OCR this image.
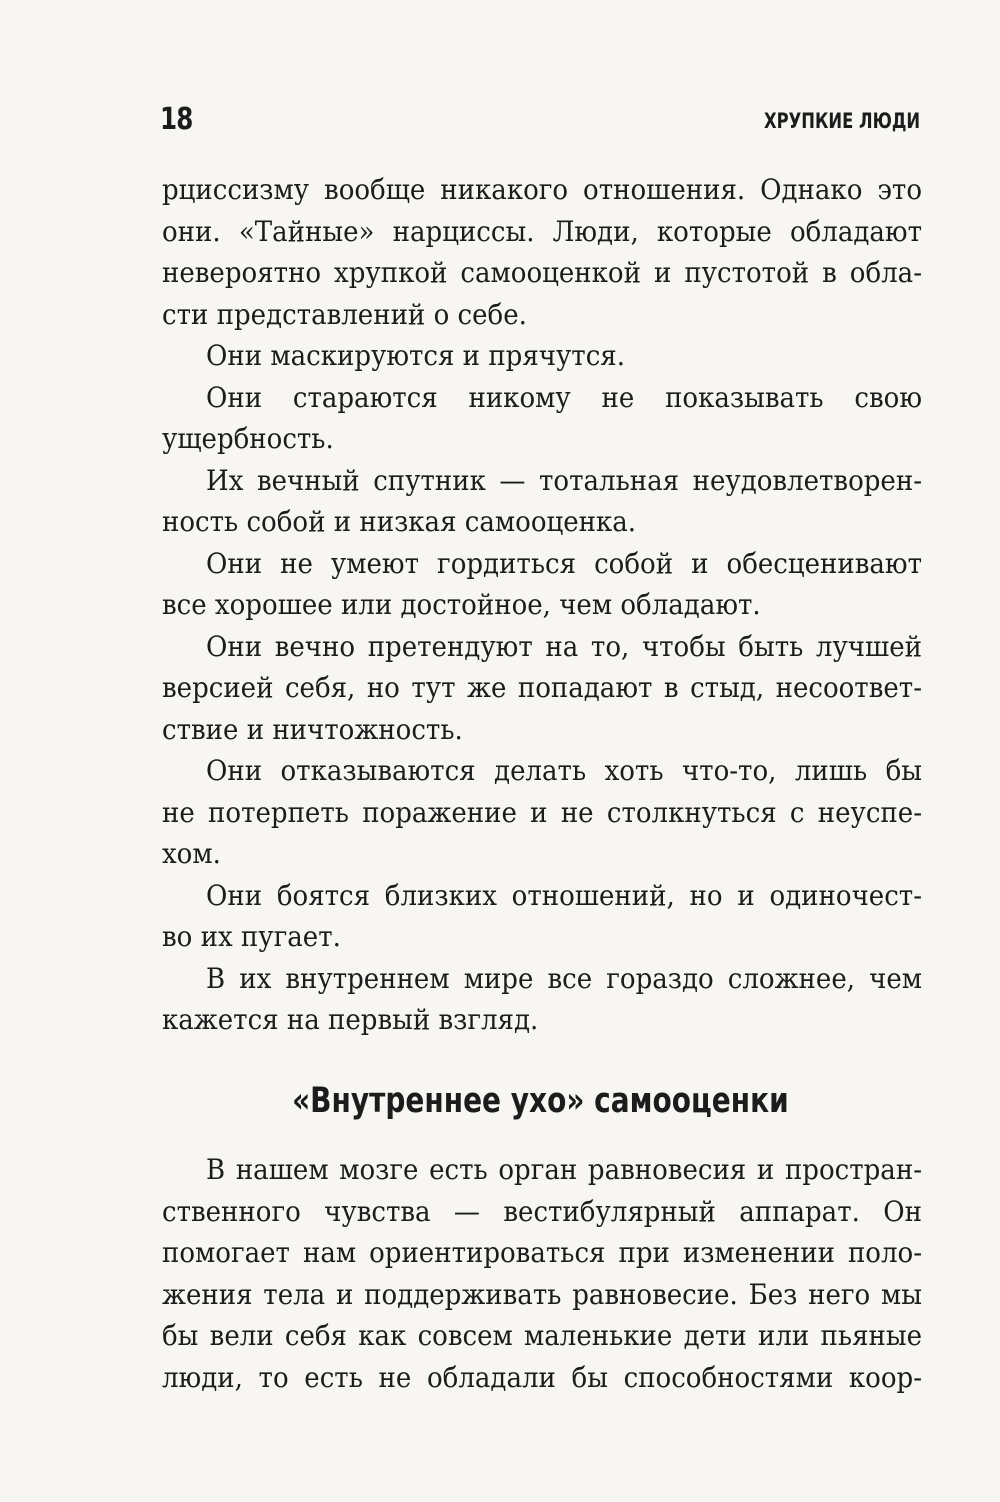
18	ХРУПКИЕ ЛЮДИ
рциссизму вообще никакого отношения. Однако это
они. «Тайные» нарциссы. Люди, которые обладают
невероятно хрупкой самооценкой и пустотой в обла-
сти представлений о себе.
Они маскируются и прячутся.
Они стараются никому не показывать свою
ущербность.
Их вечный спутник — тотальная неудовлетворен-
ность собой и низкая самооценка.
Они не умеют гордиться собой и обесценивают
все хорошее или достойное, чем обладают.
Они вечно претендуют на то, чтобы быть лучшей
версией себя, но тут же попадают в стыд, несоответ-
ствие и ничтожность.
Они отказываются делать хоть что-то, лишь бы
не потерпеть поражение и не столкнуться с неуспе-
хом.
Они боятся близких отношений, но и одиночест-
во их пугает.
В их внутреннем мире все гораздо сложнее, чем
кажется на первый взгляд.
«Внутреннее ухо» самооценки
В нашем мозге есть орган равновесия и простран-
ственного чувства — вестибулярный аппарат. Он
помогает нам ориентироваться при изменении поло-
жения тела и поддерживать равновесие. Без него мы
бы вели себя как совсем маленькие дети или пьяные
люди, то есть не обладали бы способностями коор-
